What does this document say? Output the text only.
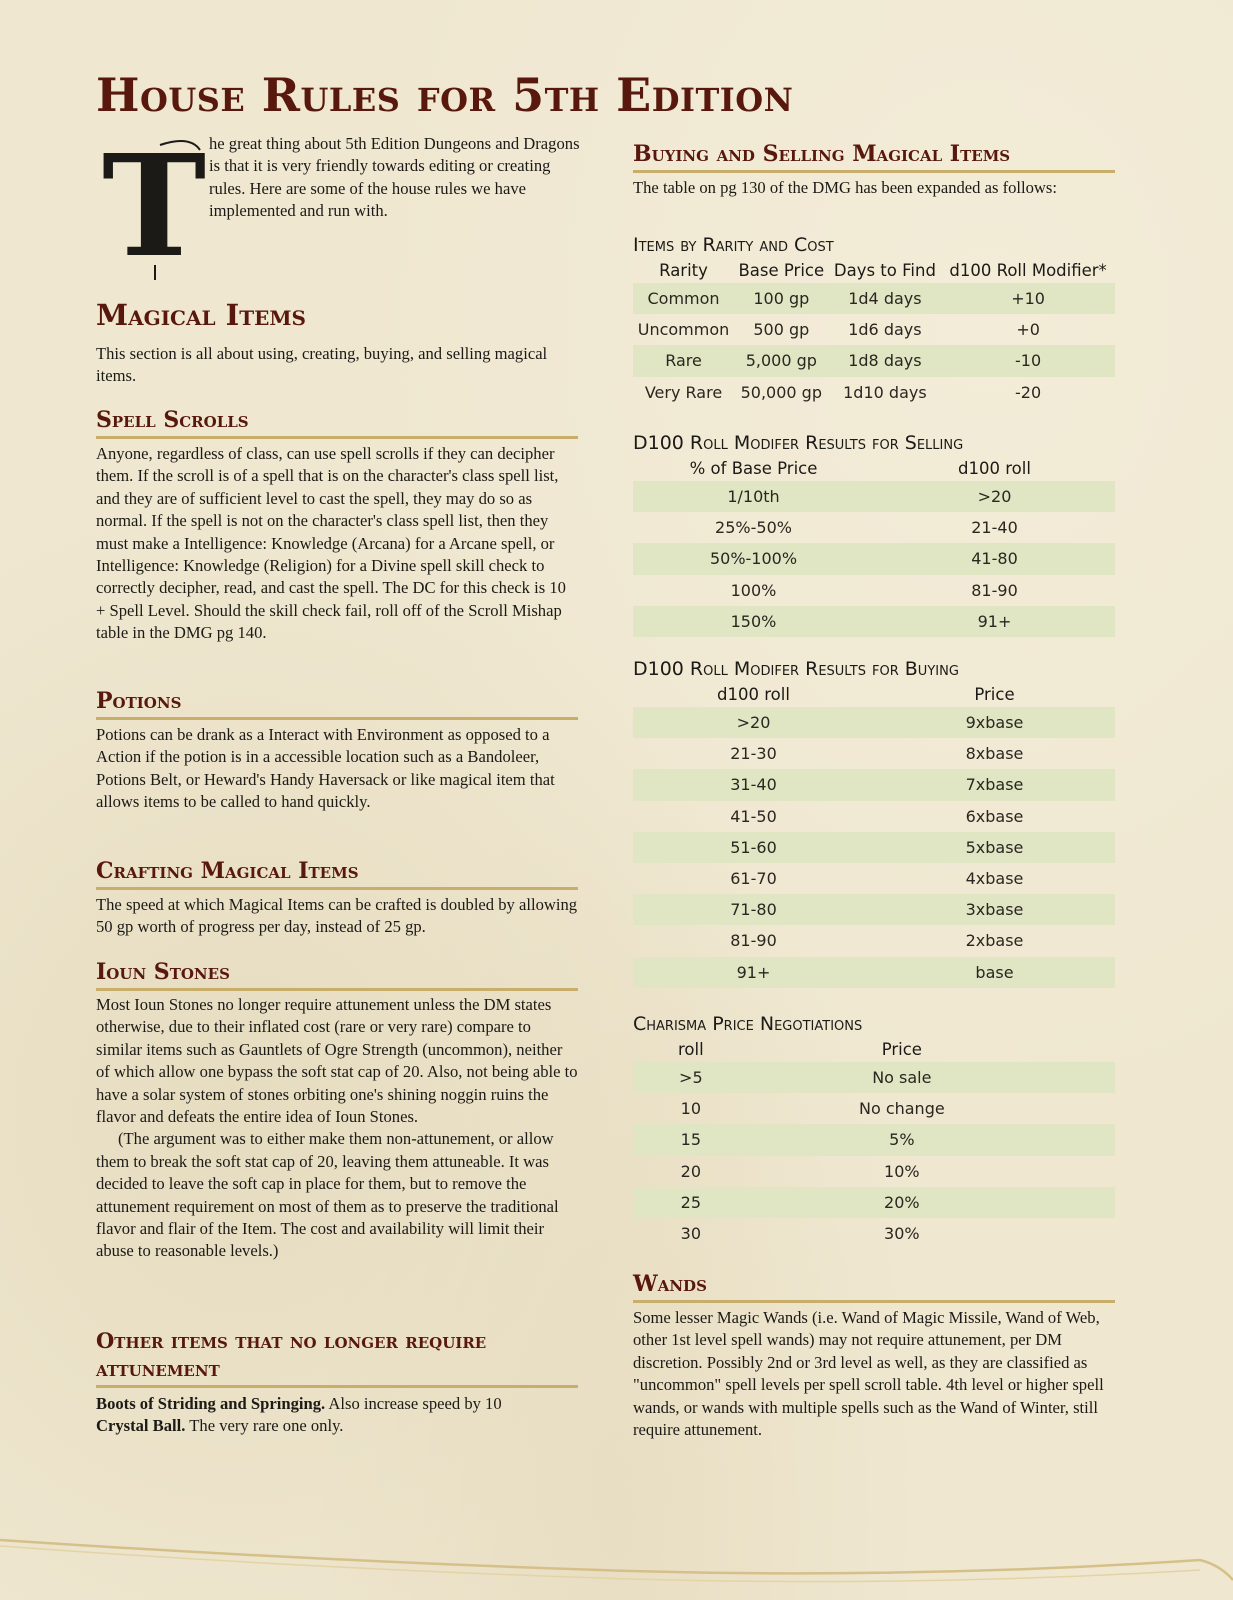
House Rules for 5th Edition
T he great thing about 5th Edition Dungeons and Dragons is that it is very friendly towards editing or creating rules. Here are some of the house rules we have implemented and run with.

Magical Items

This section is all about using, creating, buying, and selling magical items.

Spell Scrolls

Anyone, regardless of class, can use spell scrolls if they can decipher them. If the scroll is of a spell that is on the character's class spell list, and they are of sufficient level to cast the spell, they may do so as normal. If the spell is not on the character's class spell list, then they must make a Intelligence: Knowledge (Arcana) for a Arcane spell, or Intelligence: Knowledge (Religion) for a Divine spell skill check to correctly decipher, read, and cast the spell. The DC for this check is 10 + Spell Level. Should the skill check fail, roll off of the Scroll Mishap table in the DMG pg 140.

Potions

Potions can be drank as a Interact with Environment as opposed to a Action if the potion is in a accessible location such as a Bandoleer, Potions Belt, or Heward's Handy Haversack or like magical item that allows items to be called to hand quickly.

Crafting Magical Items

The speed at which Magical Items can be crafted is doubled by allowing 50 gp worth of progress per day, instead of 25 gp.

Ioun Stones

Most Ioun Stones no longer require attunement unless the DM states otherwise, due to their inflated cost (rare or very rare) compare to similar items such as Gauntlets of Ogre Strength (uncommon), neither of which allow one bypass the soft stat cap of 20. Also, not being able to have a solar system of stones orbiting one's shining noggin ruins the flavor and defeats the entire idea of Ioun Stones.

(The argument was to either make them non-attunement, or allow them to break the soft stat cap of 20, leaving them attuneable. It was decided to leave the soft cap in place for them, but to remove the attunement requirement on most of them as to preserve the traditional flavor and flair of the Item. The cost and availability will limit their abuse to reasonable levels.)

Other items that no longer require attunement

Boots of Striding and Springing. Also increase speed by 10

Crystal Ball. The very rare one only.

Buying and Selling Magical Items

The table on pg 130 of the DMG has been expanded as follows:

Items by Rarity and Cost
Rarity	Base Price	Days to Find	d100 Roll Modifier*
Common	100 gp	1d4 days	+10
Uncommon	500 gp	1d6 days	+0
Rare	5,000 gp	1d8 days	-10
Very Rare	50,000 gp	1d10 days	-20
D100 Roll Modifer Results for Selling
% of Base Price	d100 roll
1/10th	>20
25%-50%	21-40
50%-100%	41-80
100%	81-90
150%	91+
D100 Roll Modifer Results for Buying
d100 roll	Price
>20	9xbase
21-30	8xbase
31-40	7xbase
41-50	6xbase
51-60	5xbase
61-70	4xbase
71-80	3xbase
81-90	2xbase
91+	base
Charisma Price Negotiations
roll	Price
>5	No sale
10	No change
15	5%
20	10%
25	20%
30	30%
Wands

Some lesser Magic Wands (i.e. Wand of Magic Missile, Wand of Web, other 1st level spell wands) may not require attunement, per DM discretion. Possibly 2nd or 3rd level as well, as they are classified as "uncommon" spell levels per spell scroll table. 4th level or higher spell wands, or wands with multiple spells such as the Wand of Winter, still require attunement.
